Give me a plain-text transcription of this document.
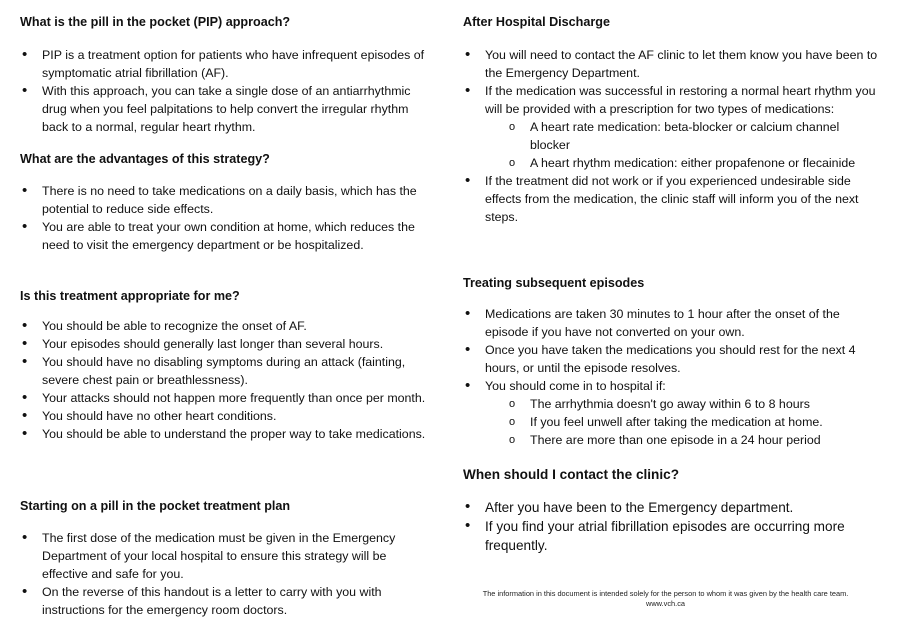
What is the pill in the pocket (PIP) approach?
• PIP is a treatment option for patients who have infrequent episodes of symptomatic atrial fibrillation (AF).
• With this approach, you can take a single dose of an antiarrhythmic drug when you feel palpitations to help convert the irregular rhythm back to a normal, regular heart rhythm.
What are the advantages of this strategy?
• There is no need to take medications on a daily basis, which has the potential to reduce side effects.
• You are able to treat your own condition at home, which reduces the need to visit the emergency department or be hospitalized.
Is this treatment appropriate for me?
• You should be able to recognize the onset of AF.
• Your episodes should generally last longer than several hours.
• You should have no disabling symptoms during an attack (fainting, severe chest pain or breathlessness).
• Your attacks should not happen more frequently than once per month.
• You should have no other heart conditions.
• You should be able to understand the proper way to take medications.
Starting on a pill in the pocket treatment plan
• The first dose of the medication must be given in the Emergency Department of your local hospital to ensure this strategy will be effective and safe for you.
• On the reverse of this handout is a letter to carry with you with instructions for the emergency room doctors.
After Hospital Discharge
• You will need to contact the AF clinic to let them know you have been to the Emergency Department.
• If the medication was successful in restoring a normal heart rhythm you will be provided with a prescription for two types of medications:
o A heart rate medication: beta-blocker or calcium channel blocker
o A heart rhythm medication: either propafenone or flecainide
• If the treatment did not work or if you experienced undesirable side effects from the medication, the clinic staff will inform you of the next steps.
Treating subsequent episodes
• Medications are taken 30 minutes to 1 hour after the onset of the episode if you have not converted on your own.
• Once you have taken the medications you should rest for the next 4 hours, or until the episode resolves.
• You should come in to hospital if:
o The arrhythmia doesn't go away within 6 to 8 hours
o If you feel unwell after taking the medication at home.
o There are more than one episode in a 24 hour period
When should I contact the clinic?
• After you have been to the Emergency department.
• If you find your atrial fibrillation episodes are occurring more frequently.
The information in this document is intended solely for the person to whom it was given by the health care team.
www.vch.ca
